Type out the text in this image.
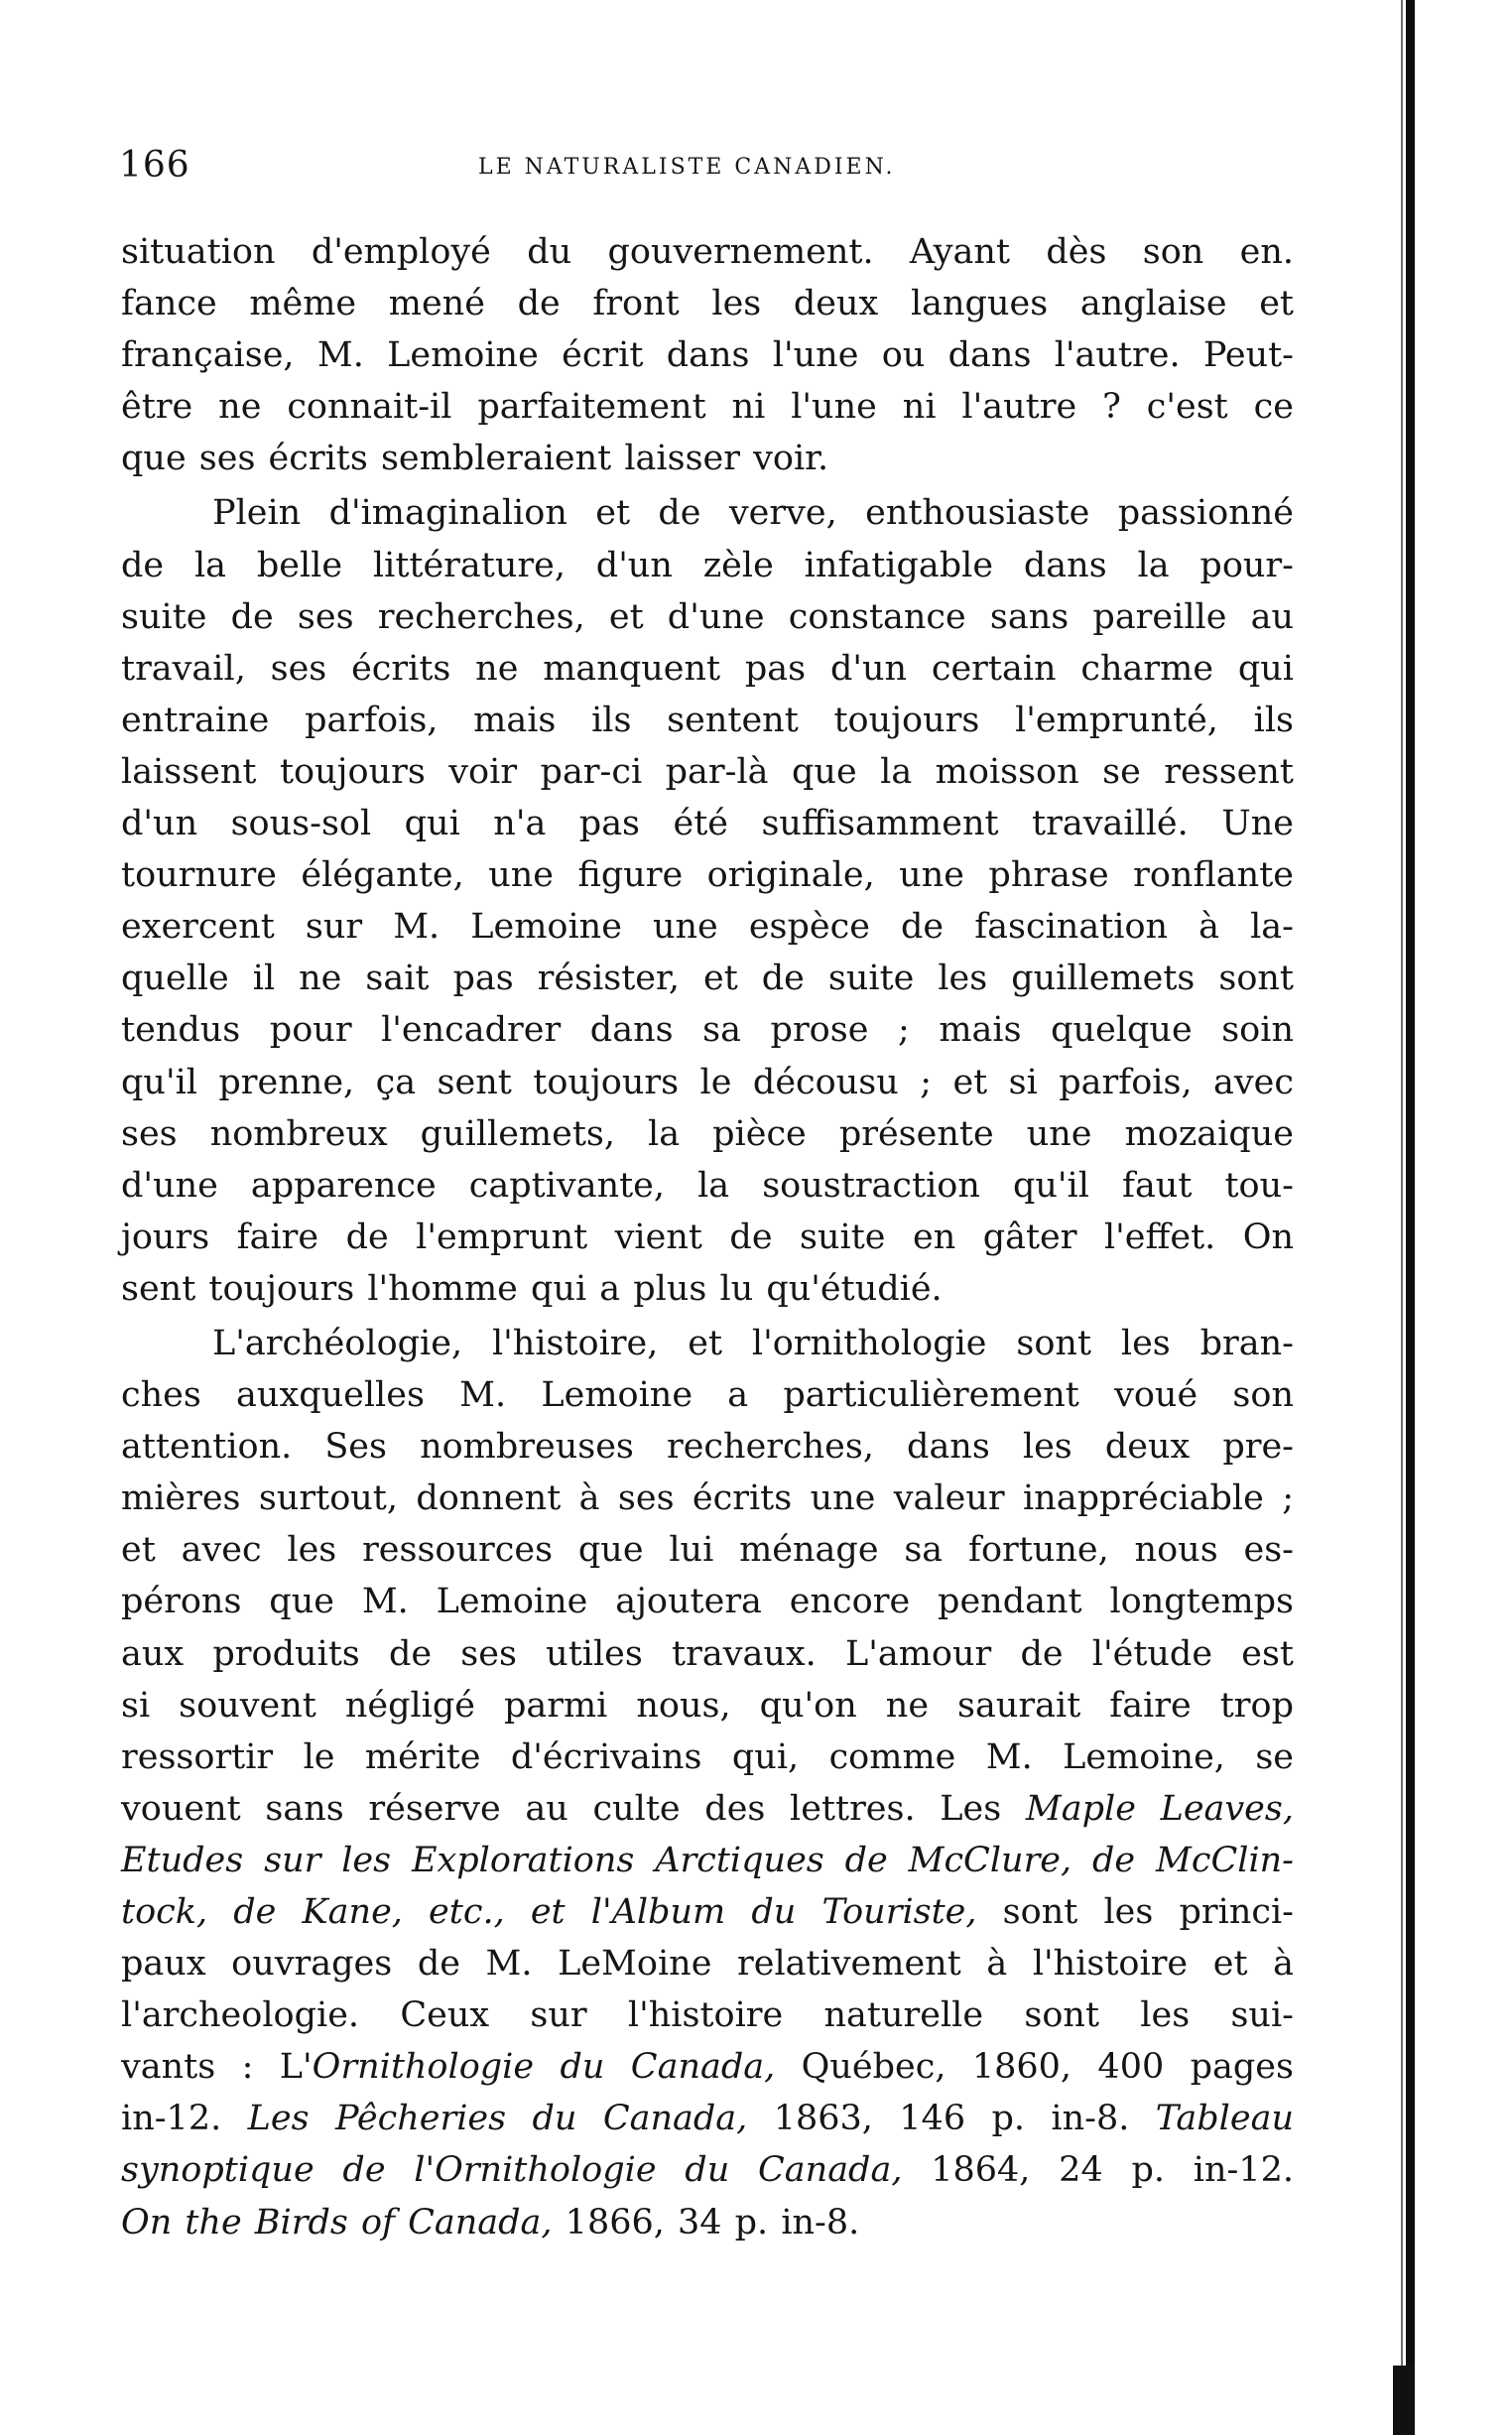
166	LE NATURALISTE CANADIEN.
situation d'employé du gouvernement. Ayant dès son en.
fance même mené de front les deux langues anglaise et
française, M. Lemoine écrit dans l'une ou dans l'autre. Peut-
être ne connait-il parfaitement ni l'une ni l'autre ? c'est ce
que ses écrits sembleraient laisser voir.
Plein d'imaginalion et de verve, enthousiaste passionné
de la belle littérature, d'un zèle infatigable dans la pour-
suite de ses recherches, et d'une constance sans pareille au
travail, ses écrits ne manquent pas d'un certain charme qui
entraine parfois, mais ils sentent toujours l'emprunté, ils
laissent toujours voir par-ci par-là que la moisson se ressent
d'un sous-sol qui n'a pas été suffisamment travaillé. Une
tournure élégante, une figure originale, une phrase ronflante
exercent sur M. Lemoine une espèce de fascination à la-
quelle il ne sait pas résister, et de suite les guillemets sont
tendus pour l'encadrer dans sa prose ; mais quelque soin
qu'il prenne, ça sent toujours le décousu ; et si parfois, avec
ses nombreux guillemets, la pièce présente une mozaique
d'une apparence captivante, la soustraction qu'il faut tou-
jours faire de l'emprunt vient de suite en gâter l'effet. On
sent toujours l'homme qui a plus lu qu'étudié.
L'archéologie, l'histoire, et l'ornithologie sont les bran-
ches auxquelles M. Lemoine a particulièrement voué son
attention. Ses nombreuses recherches, dans les deux pre-
mières surtout, donnent à ses écrits une valeur inappréciable ;
et avec les ressources que lui ménage sa fortune, nous es-
pérons que M. Lemoine ajoutera encore pendant longtemps
aux produits de ses utiles travaux. L'amour de l'étude est
si souvent négligé parmi nous, qu'on ne saurait faire trop
ressortir le mérite d'écrivains qui, comme M. Lemoine, se
vouent sans réserve au culte des lettres. Les Maple Leaves,
Etudes sur les Explorations Arctiques de McClure, de McClin-
tock, de Kane, etc., et l'Album du Touriste, sont les princi-
paux ouvrages de M. LeMoine relativement à l'histoire et à
l'archeologie. Ceux sur l'histoire naturelle sont les sui-
vants : L'Ornithologie du Canada, Québec, 1860, 400 pages
in-12. Les Pêcheries du Canada, 1863, 146 p. in-8. Tableau
synoptique de l'Ornithologie du Canada, 1864, 24 p. in-12.
On the Birds of Canada, 1866, 34 p. in-8.
